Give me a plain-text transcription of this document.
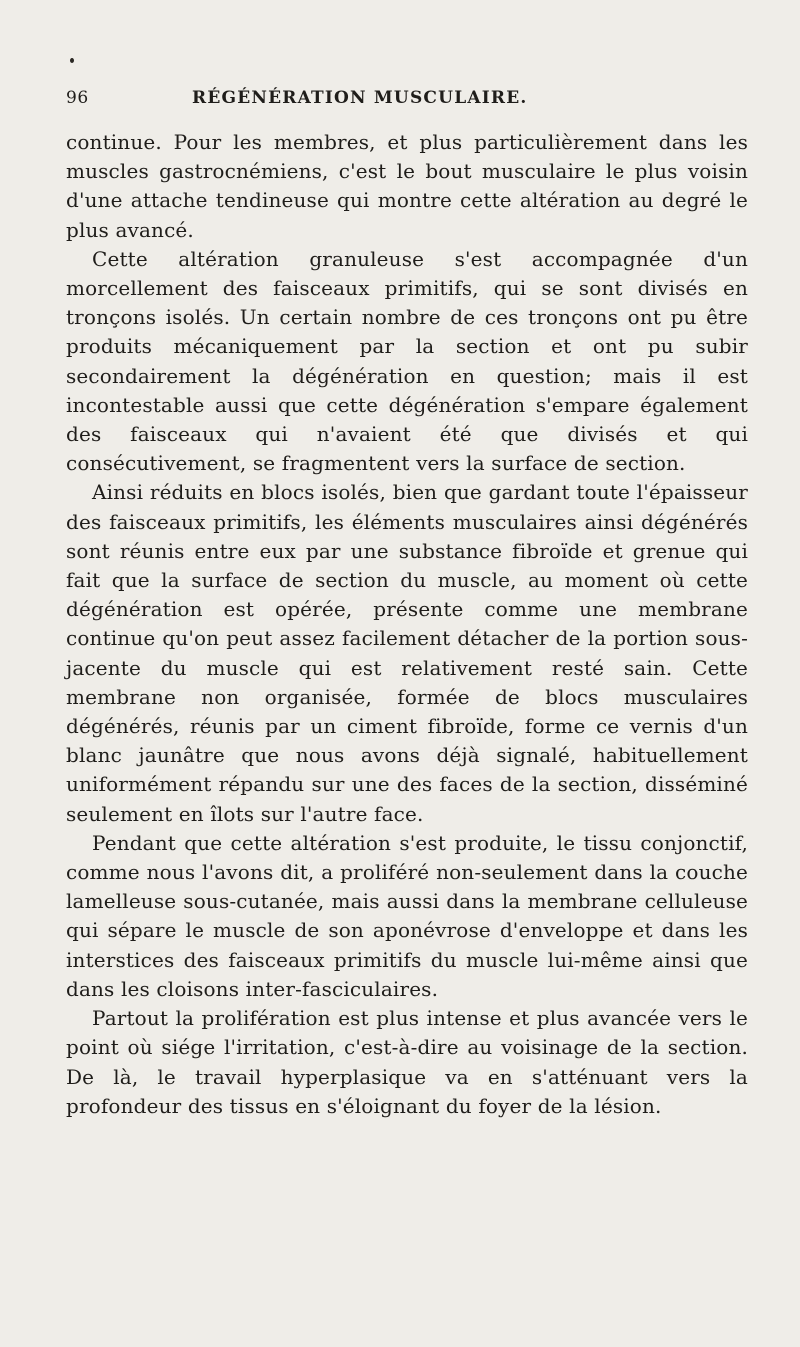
96	RÉGÉNÉRATION MUSCULAIRE.

continue. Pour les membres, et plus particulièrement dans les muscles gastrocnémiens, c'est le bout musculaire le plus voisin d'une attache tendineuse qui montre cette altération au degré le plus avancé.

Cette altération granuleuse s'est accompagnée d'un morcellement des faisceaux primitifs, qui se sont divisés en tronçons isolés. Un certain nombre de ces tronçons ont pu être produits mécaniquement par la section et ont pu subir secondairement la dégénération en question; mais il est incontestable aussi que cette dégénération s'empare également des faisceaux qui n'avaient été que divisés et qui consécutivement, se fragmentent vers la surface de section.

Ainsi réduits en blocs isolés, bien que gardant toute l'épaisseur des faisceaux primitifs, les éléments musculaires ainsi dégénérés sont réunis entre eux par une substance fibroïde et grenue qui fait que la surface de section du muscle, au moment où cette dégénération est opérée, présente comme une membrane continue qu'on peut assez facilement détacher de la portion sous-jacente du muscle qui est relativement resté sain. Cette membrane non organisée, formée de blocs musculaires dégénérés, réunis par un ciment fibroïde, forme ce vernis d'un blanc jaunâtre que nous avons déjà signalé, habituellement uniformément répandu sur une des faces de la section, disséminé seulement en îlots sur l'autre face.

Pendant que cette altération s'est produite, le tissu conjonctif, comme nous l'avons dit, a proliféré non-seulement dans la couche lamelleuse sous-cutanée, mais aussi dans la membrane celluleuse qui sépare le muscle de son aponévrose d'enveloppe et dans les interstices des faisceaux primitifs du muscle lui-même ainsi que dans les cloisons inter-fasciculaires.

Partout la prolifération est plus intense et plus avancée vers le point où siége l'irritation, c'est-à-dire au voisinage de la section. De là, le travail hyperplasique va en s'atténuant vers la profondeur des tissus en s'éloignant du foyer de la lésion.
